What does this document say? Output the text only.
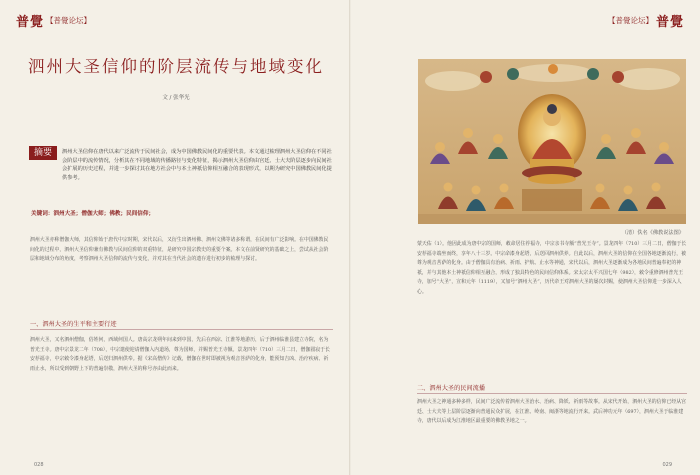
普覺 【普覺论坛】
泗州大圣信仰的阶层流传与地域变化
文 / 张华光
摘要	泗州大圣信仰在唐代以来广泛流传于民间社会，成为中国佛教民间化的重要代表。本文通过梳理泗州大圣信仰在不同社会阶层中的流传情况，分析其在不同地域的传播路径与变化特征，揭示泗州大圣信仰由宫廷、士大夫阶层逐步向民间社会扩展的历史过程，并进一步探讨其在地方社会中与本土神祇信仰相互融合的表现形式，以期为研究中国佛教民间化提供参考。
关键词：泗州大圣；僧伽大师；佛教；民间信仰；
泗州大圣亦称僧伽大师，其信仰始于唐代中宗时期，宋代以后，又衍生出泗州佛、泗州文佛等诸多称谓，在民间有广泛影响。在中国佛教民间化的过程中，泗州大圣信仰兼有佛教与民间信仰的双重特征，是研究中国宗教史的重要个案。本文在前贤研究的基础之上，尝试从社会阶层和地域分布的角度，考察泗州大圣信仰的流传与变化，并对其在当代社会的遗存进行初步的梳理与探讨。
一、泗州大圣的生平和主要行迹
泗州大圣，又名泗州僧伽，俗姓何，西域何国人。唐高宗龙朔年间来到中国，先后在西凉、江淮等地游历，后于泗州临淮县建立寺院，名为普光王寺。唐中宗景龙二年（708），中宗遣使迎请僧伽入内道场，尊为国师，并赐普光王寺额。景龙四年（710）三月二日，僧伽圆寂于长安荐福寺，中宗敕令漆身起塔，后送归泗州供奉。据《宋高僧传》记载，僧伽在世时即被视为观音菩萨的化身，能预知吉凶、治疗疾病、祈雨止水，所以受到朝野上下的普遍崇敬，泗州大圣的称号亦由此而来。
028
【普覺论坛】 普覺
（清）佚名《佛教说法图》
蒙天佑（1）。他因此成为唐中宗的国师，敕命居住荐福寺，中宗亲书寺额“普光王寺”。景龙四年（710）三月二日，僧伽于长安荐福寺端坐而终，享年八十三岁。中宗命漆身起塔，后送回泗州供养。自此以后，泗州大圣的信仰在全国各地逐渐流行，被尊为观音菩萨的化身。由于僧伽具有治病、祈雨、护航、止水等神通，宋代以后，泗州大圣逐渐成为各地民间普遍奉祀的神祇，并与其他本土神祇信仰相互融合，形成了独具特色的民间信仰体系。宋太宗太平兴国七年（982），敕令重修泗州普光王寺，加号“大圣”，宣和元年（1119），又加号“泗州大圣”，历代帝王对泗州大圣的屡次封赐，使泗州大圣信仰进一步深入人心。
二、泗州大圣的民间流播
泗州大圣之神通多种多样，民间广泛流传着泗州大圣治水、治病、降妖、祈雨等故事。从宋代开始，泗州大圣的信仰已经从宫廷、士大夫等上层阶层逐渐向普通民众扩展，在江淮、岭南、闽浙等地流行开来。武后神功元年（697），泗州大圣于临淮建寺，唐代以后成为江淮地区最重要的佛教圣地之一。
029
